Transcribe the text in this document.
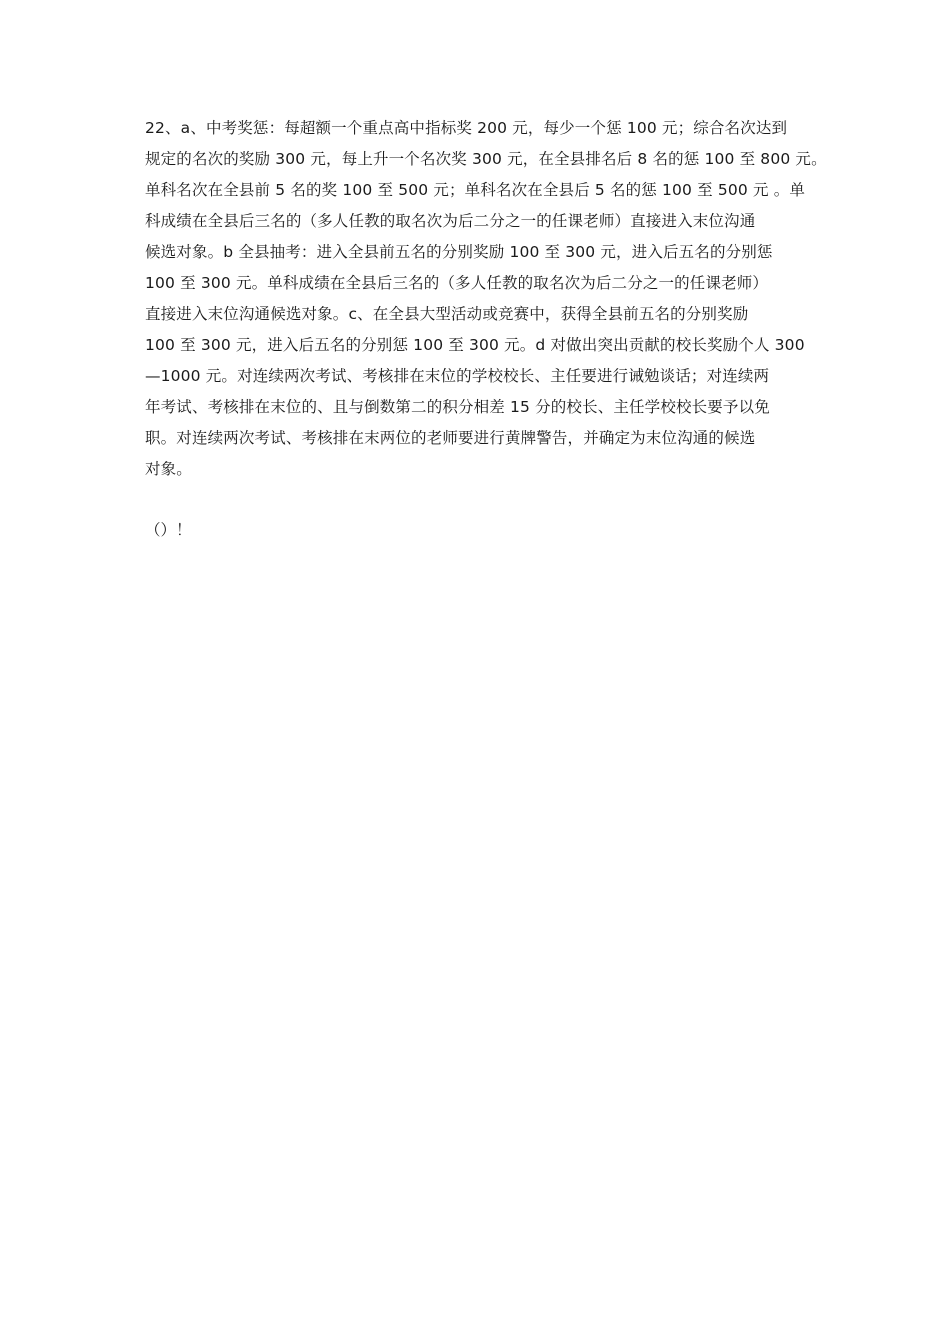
22、a、中考奖惩：每超额一个重点高中指标奖 200 元，每少一个惩 100 元；综合名次达到
规定的名次的奖励 300 元，每上升一个名次奖 300 元，在全县排名后 8 名的惩 100 至 800 元。
单科名次在全县前 5 名的奖 100 至 500 元；单科名次在全县后 5 名的惩 100 至 500 元 。单
科成绩在全县后三名的（多人任教的取名次为后二分之一的任课老师）直接进入末位沟通
候选对象。b 全县抽考：进入全县前五名的分别奖励 100 至 300 元，进入后五名的分别惩
100 至 300 元。单科成绩在全县后三名的（多人任教的取名次为后二分之一的任课老师）
直接进入末位沟通候选对象。c、在全县大型活动或竞赛中，获得全县前五名的分别奖励
100 至 300 元，进入后五名的分别惩 100 至 300 元。d 对做出突出贡献的校长奖励个人 300
—1000 元。对连续两次考试、考核排在末位的学校校长、主任要进行诫勉谈话；对连续两
年考试、考核排在末位的、且与倒数第二的积分相差 15 分的校长、主任学校校长要予以免
职。对连续两次考试、考核排在末两位的老师要进行黄牌警告，并确定为末位沟通的候选
对象。
（）！
